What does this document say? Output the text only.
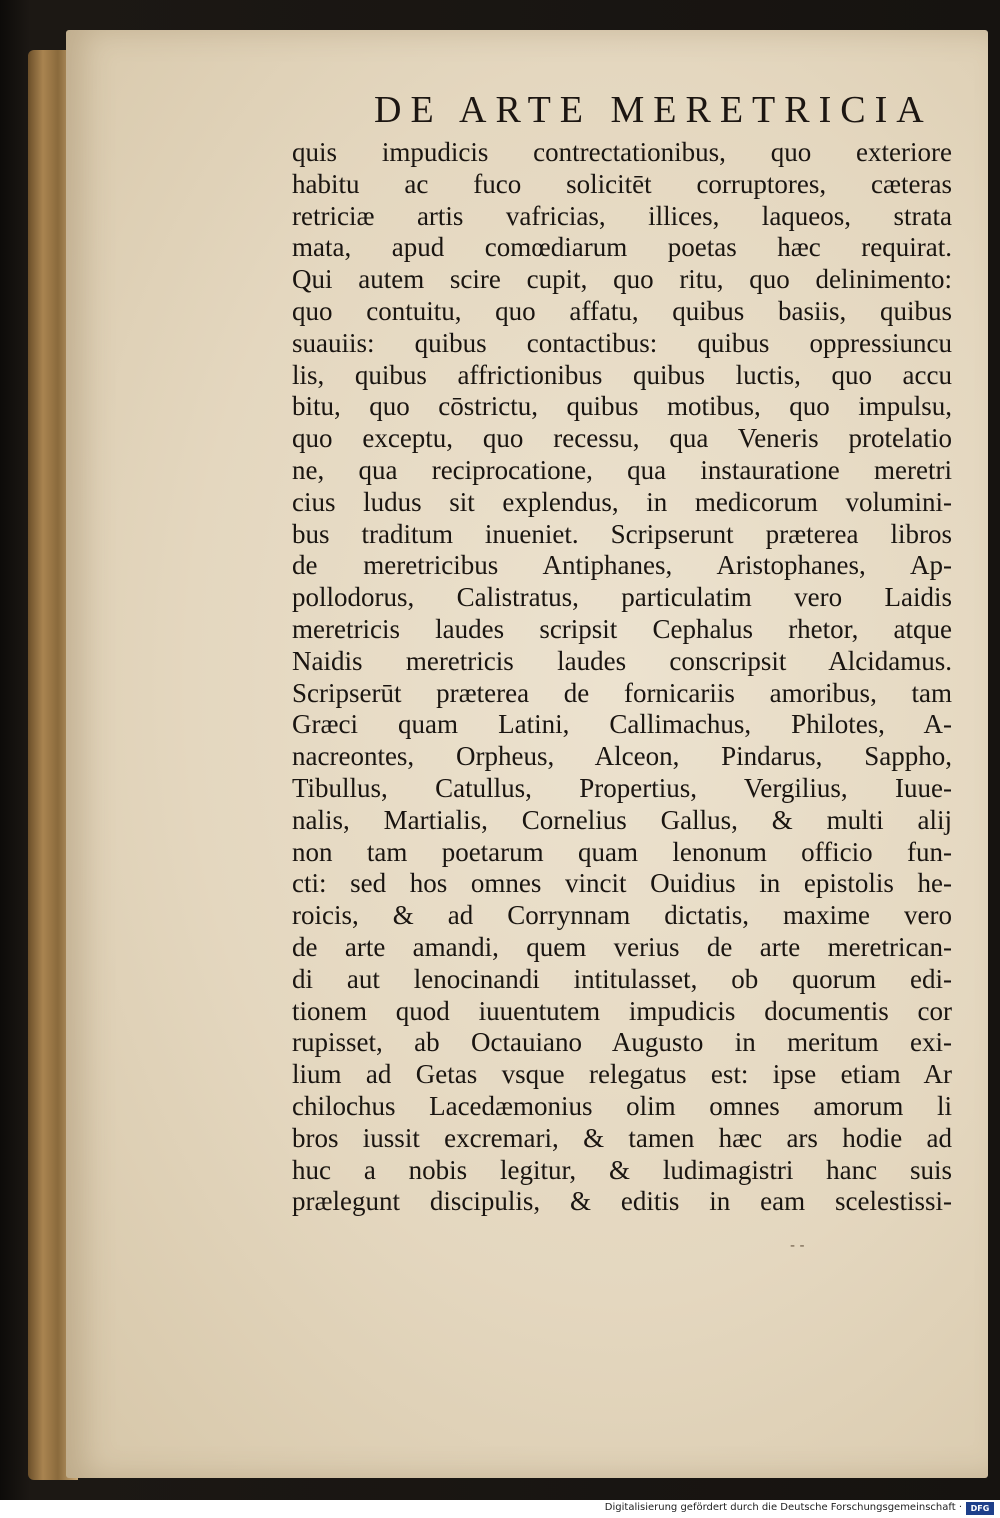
DE ARTE MERETRICIA
quis impudicis contrectationibus, quo exteriore
habitu ac fuco solicitēt corruptores, cæteras
retriciæ artis vafricias, illices, laqueos, strata
mata, apud comœdiarum poetas hæc requirat.
Qui autem scire cupit, quo ritu, quo delinimento:
quo contuitu, quo affatu, quibus basiis, quibus
suauiis: quibus contactibus: quibus oppressiuncu
lis, quibus affrictionibus quibus luctis, quo accu
bitu, quo cōstrictu, quibus motibus, quo impulsu,
quo exceptu, quo recessu, qua Veneris protelatio
ne, qua reciprocatione, qua instauratione meretri
cius ludus sit explendus, in medicorum volumini-
bus traditum inueniet. Scripserunt præterea libros
de meretricibus Antiphanes, Aristophanes, Ap-
pollodorus, Calistratus, particulatim vero Laidis
meretricis laudes scripsit Cephalus rhetor, atque
Naidis meretricis laudes conscripsit Alcidamus.
Scripserūt præterea de fornicariis amoribus, tam
Græci quam Latini, Callimachus, Philotes, A-
nacreontes, Orpheus, Alceon, Pindarus, Sappho,
Tibullus, Catullus, Propertius, Vergilius, Iuue-
nalis, Martialis, Cornelius Gallus, & multi alij
non tam poetarum quam lenonum officio fun-
cti: sed hos omnes vincit Ouidius in epistolis he-
roicis, & ad Corrynnam dictatis, maxime vero
de arte amandi, quem verius de arte meretrican-
di aut lenocinandi intitulasset, ob quorum edi-
tionem quod iuuentutem impudicis documentis cor
rupisset, ab Octauiano Augusto in meritum exi-
lium ad Getas vsque relegatus est: ipse etiam Ar
chilochus Lacedæmonius olim omnes amorum li
bros iussit excremari, & tamen hæc ars hodie ad
huc a nobis legitur, & ludimagistri hanc suis
prælegunt discipulis, & editis in eam scelestissi-
- -
Digitalisierung gefördert durch die Deutsche Forschungsgemeinschaft ·	DFG
